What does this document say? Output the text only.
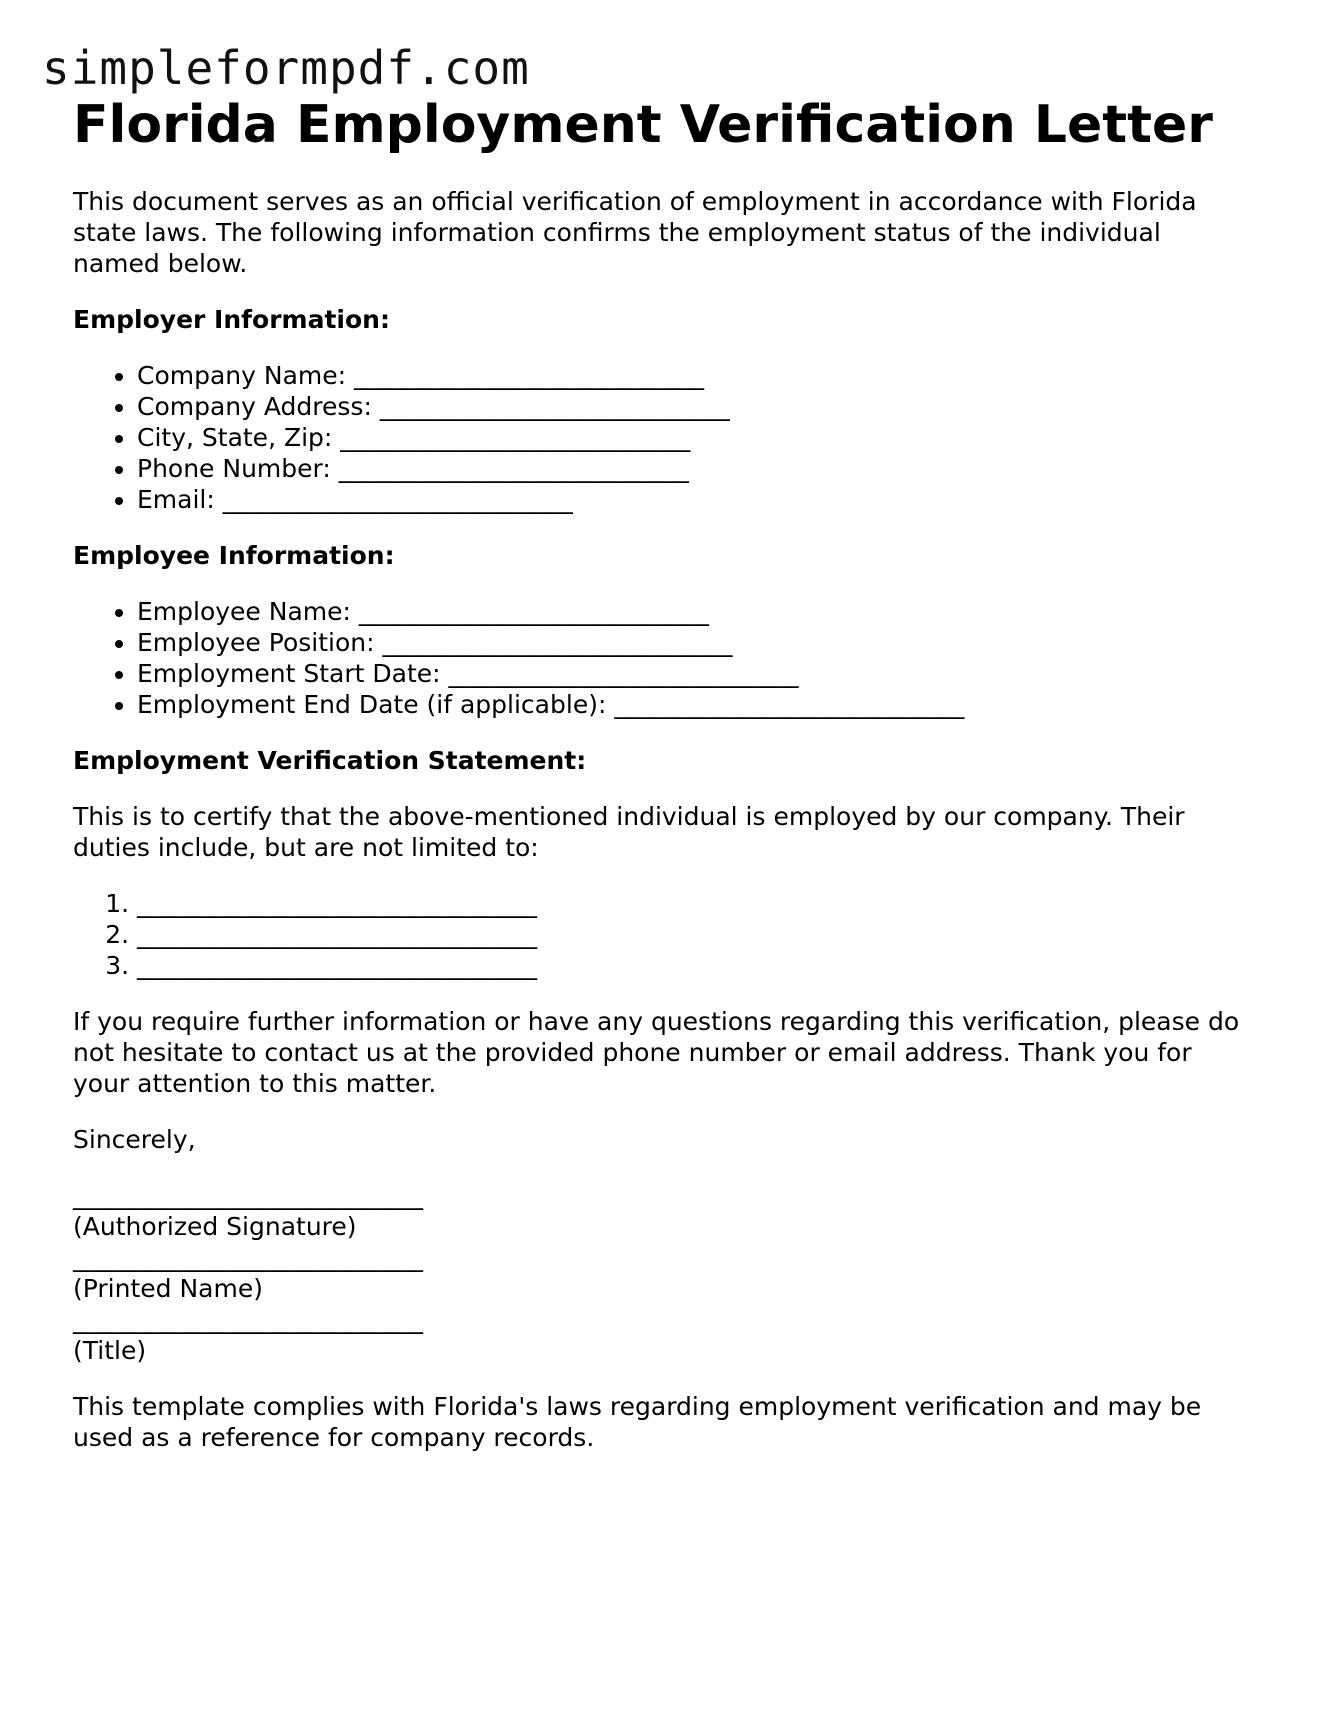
simpleformpdf.com
Florida Employment Verification Letter

This document serves as an official verification of employment in accordance with Florida state laws. The following information confirms the employment status of the individual named below.

Employer Information:
• Company Name: ____________________________
• Company Address: ____________________________
• City, State, Zip: ____________________________
• Phone Number: ____________________________
• Email: ____________________________
Employee Information:
• Employee Name: ____________________________
• Employee Position: ____________________________
• Employment Start Date: ____________________________
• Employment End Date (if applicable): ____________________________
Employment Verification Statement:

This is to certify that the above-mentioned individual is employed by our company. Their duties include, but are not limited to:

1. ________________________________
2. ________________________________
3. ________________________________

If you require further information or have any questions regarding this verification, please do not hesitate to contact us at the provided phone number or email address. Thank you for your attention to this matter.

Sincerely,

____________________________
(Authorized Signature)
____________________________
(Printed Name)
____________________________
(Title)

This template complies with Florida's laws regarding employment verification and may be used as a reference for company records.
